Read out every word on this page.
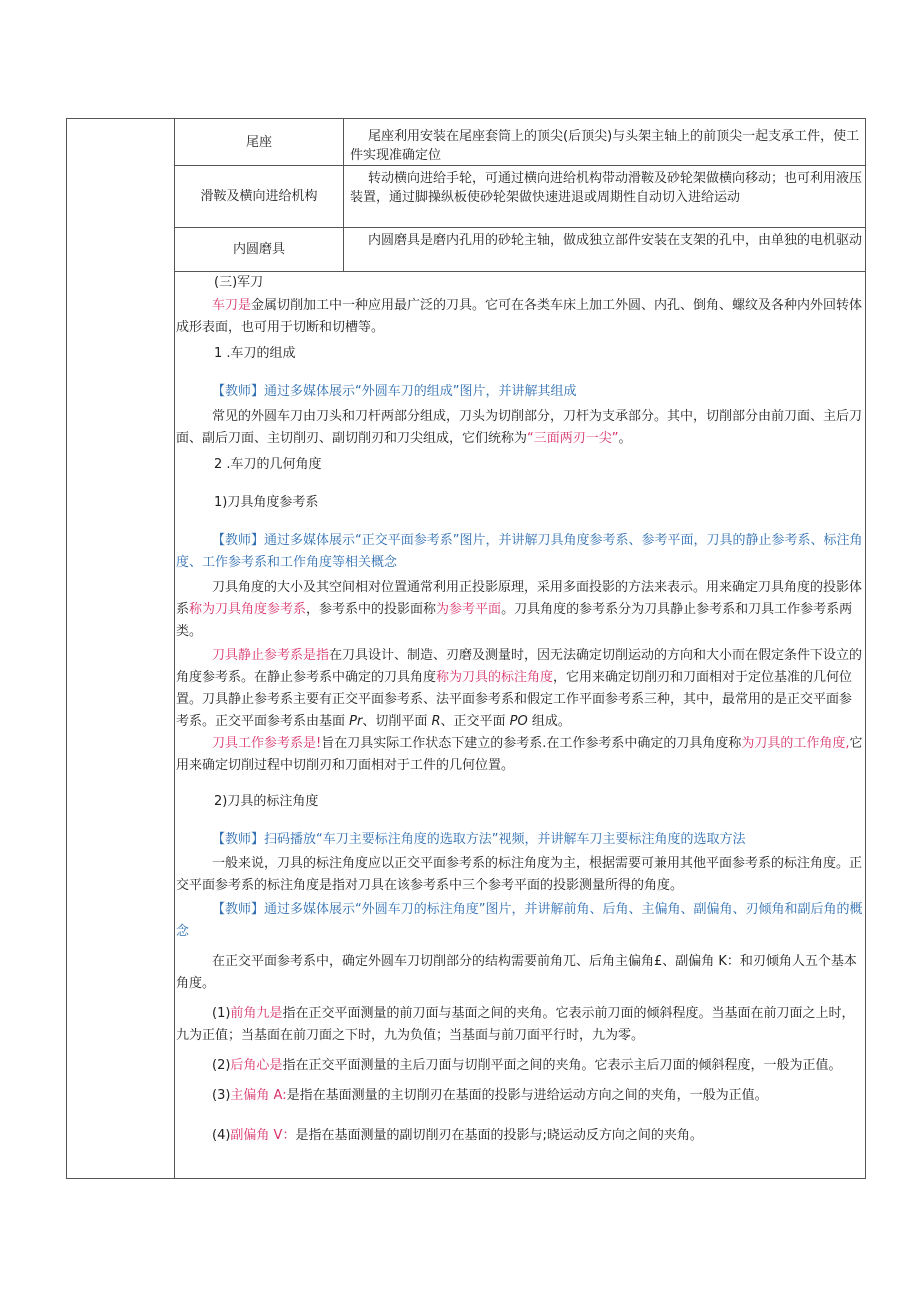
尾座	尾座利用安装在尾座套筒上的顶尖(后顶尖)与头架主轴上的前顶尖一起支承工件，使工件实现准确定位
滑鞍及横向进给机构	转动横向进给手轮，可通过横向进给机构带动滑鞍及砂轮架做横向移动；也可利用液压装置，通过脚操纵板使砂轮架做快速进退或周期性自动切入进给运动
内圆磨具	内圆磨具是磨内孔用的砂轮主轴，做成独立部件安装在支架的孔中，由单独的电机驱动

(三)军刀

车刀是金属切削加工中一种应用最广泛的刀具。它可在各类车床上加工外圆、内孔、倒角、螺纹及各种内外回转体成形表面，也可用于切断和切槽等。

1 .车刀的组成

【教师】通过多媒体展示“外圆车刀的组成”图片，并讲解其组成

常见的外圆车刀由刀头和刀杆两部分组成，刀头为切削部分，刀杆为支承部分。其中，切削部分由前刀面、主后刀面、副后刀面、主切削刃、副切削刃和刀尖组成，它们统称为“三面两刃一尖”。

2 .车刀的几何角度

1)刀具角度参考系

【教师】通过多媒体展示“正交平面参考系”图片，并讲解刀具角度参考系、参考平面，刀具的静止参考系、标注角度、工作参考系和工作角度等相关概念

刀具角度的大小及其空间相对位置通常利用正投影原理，采用多面投影的方法来表示。用来确定刀具角度的投影体系称为刀具角度参考系，参考系中的投影面称为参考平面。刀具角度的参考系分为刀具静止参考系和刀具工作参考系两类。

刀具静止参考系是指在刀具设计、制造、刃磨及测量时，因无法确定切削运动的方向和大小而在假定条件下设立的角度参考系。在静止参考系中确定的刀具角度称为刀具的标注角度，它用来确定切削刃和刀面相对于定位基准的几何位置。刀具静止参考系主要有正交平面参考系、法平面参考系和假定工作平面参考系三种，其中，最常用的是正交平面参考系。正交平面参考系由基面 Pr、切削平面 R、正交平面 PO 组成。

刀具工作参考系是!旨在刀具实际工作状态下建立的参考系.在工作参考系中确定的刀具角度称为刀具的工作角度,它用来确定切削过程中切削刃和刀面相对于工件的几何位置。

2)刀具的标注角度

【教师】扫码播放“车刀主要标注角度的选取方法”视频，并讲解车刀主要标注角度的选取方法

一般来说，刀具的标注角度应以正交平面参考系的标注角度为主，根据需要可兼用其他平面参考系的标注角度。正交平面参考系的标注角度是指对刀具在该参考系中三个参考平面的投影测量所得的角度。

【教师】通过多媒体展示“外圆车刀的标注角度”图片，并讲解前角、后角、主偏角、副偏角、刃倾角和副后角的概念

在正交平面参考系中，确定外圆车刀切削部分的结构需要前角兀、后角主偏角£、副偏角 K：和刃倾角人五个基本角度。

(1)前角九是指在正交平面测量的前刀面与基面之间的夹角。它表示前刀面的倾斜程度。当基面在前刀面之上时，九为正值；当基面在前刀面之下时，九为负值；当基面与前刀面平行时，九为零。

(2)后角心是指在正交平面测量的主后刀面与切削平面之间的夹角。它表示主后刀面的倾斜程度，一般为正值。

(3)主偏角 A:是指在基面测量的主切削刃在基面的投影与进给运动方向之间的夹角，一般为正值。

(4)副偏角 V：是指在基面测量的副切削刃在基面的投影与;晓运动反方向之间的夹角。
